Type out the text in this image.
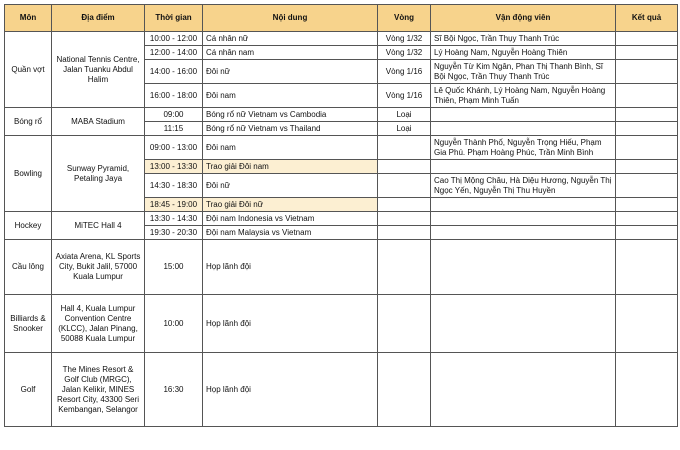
Môn	Địa điểm	Thời gian	Nội dung	Vòng	Vận động viên	Kết quả
Quần vợt	National Tennis Centre, Jalan Tuanku Abdul Halim	10:00 - 12:00	Cá nhân nữ	Vòng 1/32	Sĩ Bội Ngọc, Trần Thụy Thanh Trúc	
		12:00 - 14:00	Cá nhân nam	Vòng 1/32	Lý Hoàng Nam, Nguyễn Hoàng Thiên	
		14:00 - 16:00	Đôi nữ	Vòng 1/16	Nguyễn Từ Kim Ngân, Phan Thị Thanh Bình, Sĩ Bội Ngọc, Trần Thụy Thanh Trúc	
		16:00 - 18:00	Đôi nam	Vòng 1/16	Lê Quốc Khánh, Lý Hoàng Nam, Nguyễn Hoàng Thiên, Phạm Minh Tuấn	
Bóng rổ	MABA Stadium	09:00	Bóng rổ nữ Vietnam vs Cambodia	Loại		
		11:15	Bóng rổ nữ Vietnam vs Thailand	Loại		
Bowling	Sunway Pyramid, Petaling Jaya	09:00 - 13:00	Đôi nam		Nguyễn Thành Phố, Nguyễn Trọng Hiếu, Phạm Gia Phú. Phạm Hoàng Phúc, Trần Minh Bình	
		13:00 - 13:30	Trao giải Đôi nam			
		14:30 - 18:30	Đôi nữ		Cao Thị Mộng Châu, Hà Diệu Hương, Nguyễn Thị Ngọc Yến, Nguyễn Thị Thu Huyền	
		18:45 - 19:00	Trao giải Đôi nữ			
Hockey	MiTEC Hall 4	13:30 - 14:30	Đội nam Indonesia vs Vietnam			
		19:30 - 20:30	Đội nam Malaysia vs Vietnam			
Cầu lông	Axiata Arena, KL Sports City, Bukit Jalil, 57000 Kuala Lumpur	15:00	Họp lãnh đội			
Billiards & Snooker	Hall 4, Kuala Lumpur Convention Centre (KLCC), Jalan Pinang, 50088 Kuala Lumpur	10:00	Họp lãnh đội			
Golf	The Mines Resort & Golf Club (MRGC), Jalan Kelikir, MINES Resort City, 43300 Seri Kembangan, Selangor	16:30	Họp lãnh đội			
